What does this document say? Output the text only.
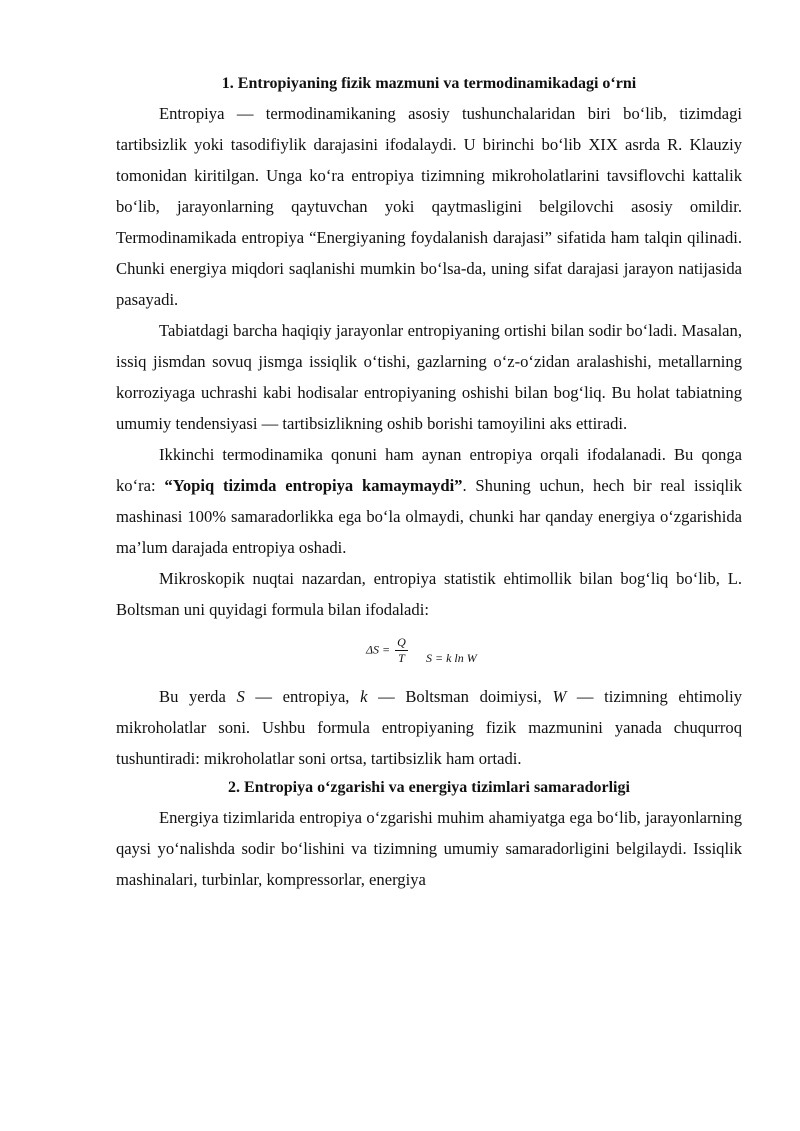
1. Entropiyaning fizik mazmuni va termodinamikadagi o‘rni

Entropiya — termodinamikaning asosiy tushunchalaridan biri bo‘lib, tizimdagi tartibsizlik yoki tasodifiylik darajasini ifodalaydi. U birinchi bo‘lib XIX asrda R. Klauziy tomonidan kiritilgan. Unga ko‘ra entropiya tizimning mikroholatlarini tavsiflovchi kattalik bo‘lib, jarayonlarning qaytuvchan yoki qaytmasligini belgilovchi asosiy omildir. Termodinamikada entropiya “Energiyaning foydalanish darajasi” sifatida ham talqin qilinadi. Chunki energiya miqdori saqlanishi mumkin bo‘lsa-da, uning sifat darajasi jarayon natijasida pasayadi.

Tabiatdagi barcha haqiqiy jarayonlar entropiyaning ortishi bilan sodir bo‘ladi. Masalan, issiq jismdan sovuq jismga issiqlik o‘tishi, gazlarning o‘z-o‘zidan aralashishi, metallarning korroziyaga uchrashi kabi hodisalar entropiyaning oshishi bilan bog‘liq. Bu holat tabiatning umumiy tendensiyasi — tartibsizlikning oshib borishi tamoyilini aks ettiradi.

Ikkinchi termodinamika qonuni ham aynan entropiya orqali ifodalanadi. Bu qonga ko‘ra: “Yopiq tizimda entropiya kamaymaydi”. Shuning uchun, hech bir real issiqlik mashinasi 100% samaradorlikka ega bo‘la olmaydi, chunki har qanday energiya o‘zgarishida ma’lum darajada entropiya oshadi.

Mikroskopik nuqtai nazardan, entropiya statistik ehtimollik bilan bog‘liq bo‘lib, L. Boltsman uni quyidagi formula bilan ifodaladi:

$\Delta S = \frac{Q}{T}$ S = k ln W

Bu yerda S — entropiya, k — Boltsman doimiysi, W — tizimning ehtimoliy mikroholatlar soni. Ushbu formula entropiyaning fizik mazmunini yanada chuqurroq tushuntiradi: mikroholatlar soni ortsa, tartibsizlik ham ortadi.

2. Entropiya o‘zgarishi va energiya tizimlari samaradorligi

Energiya tizimlarida entropiya o‘zgarishi muhim ahamiyatga ega bo‘lib, jarayonlarning qaysi yo‘nalishda sodir bo‘lishini va tizimning umumiy samaradorligini belgilaydi. Issiqlik mashinalari, turbinlar, kompressorlar, energiya
